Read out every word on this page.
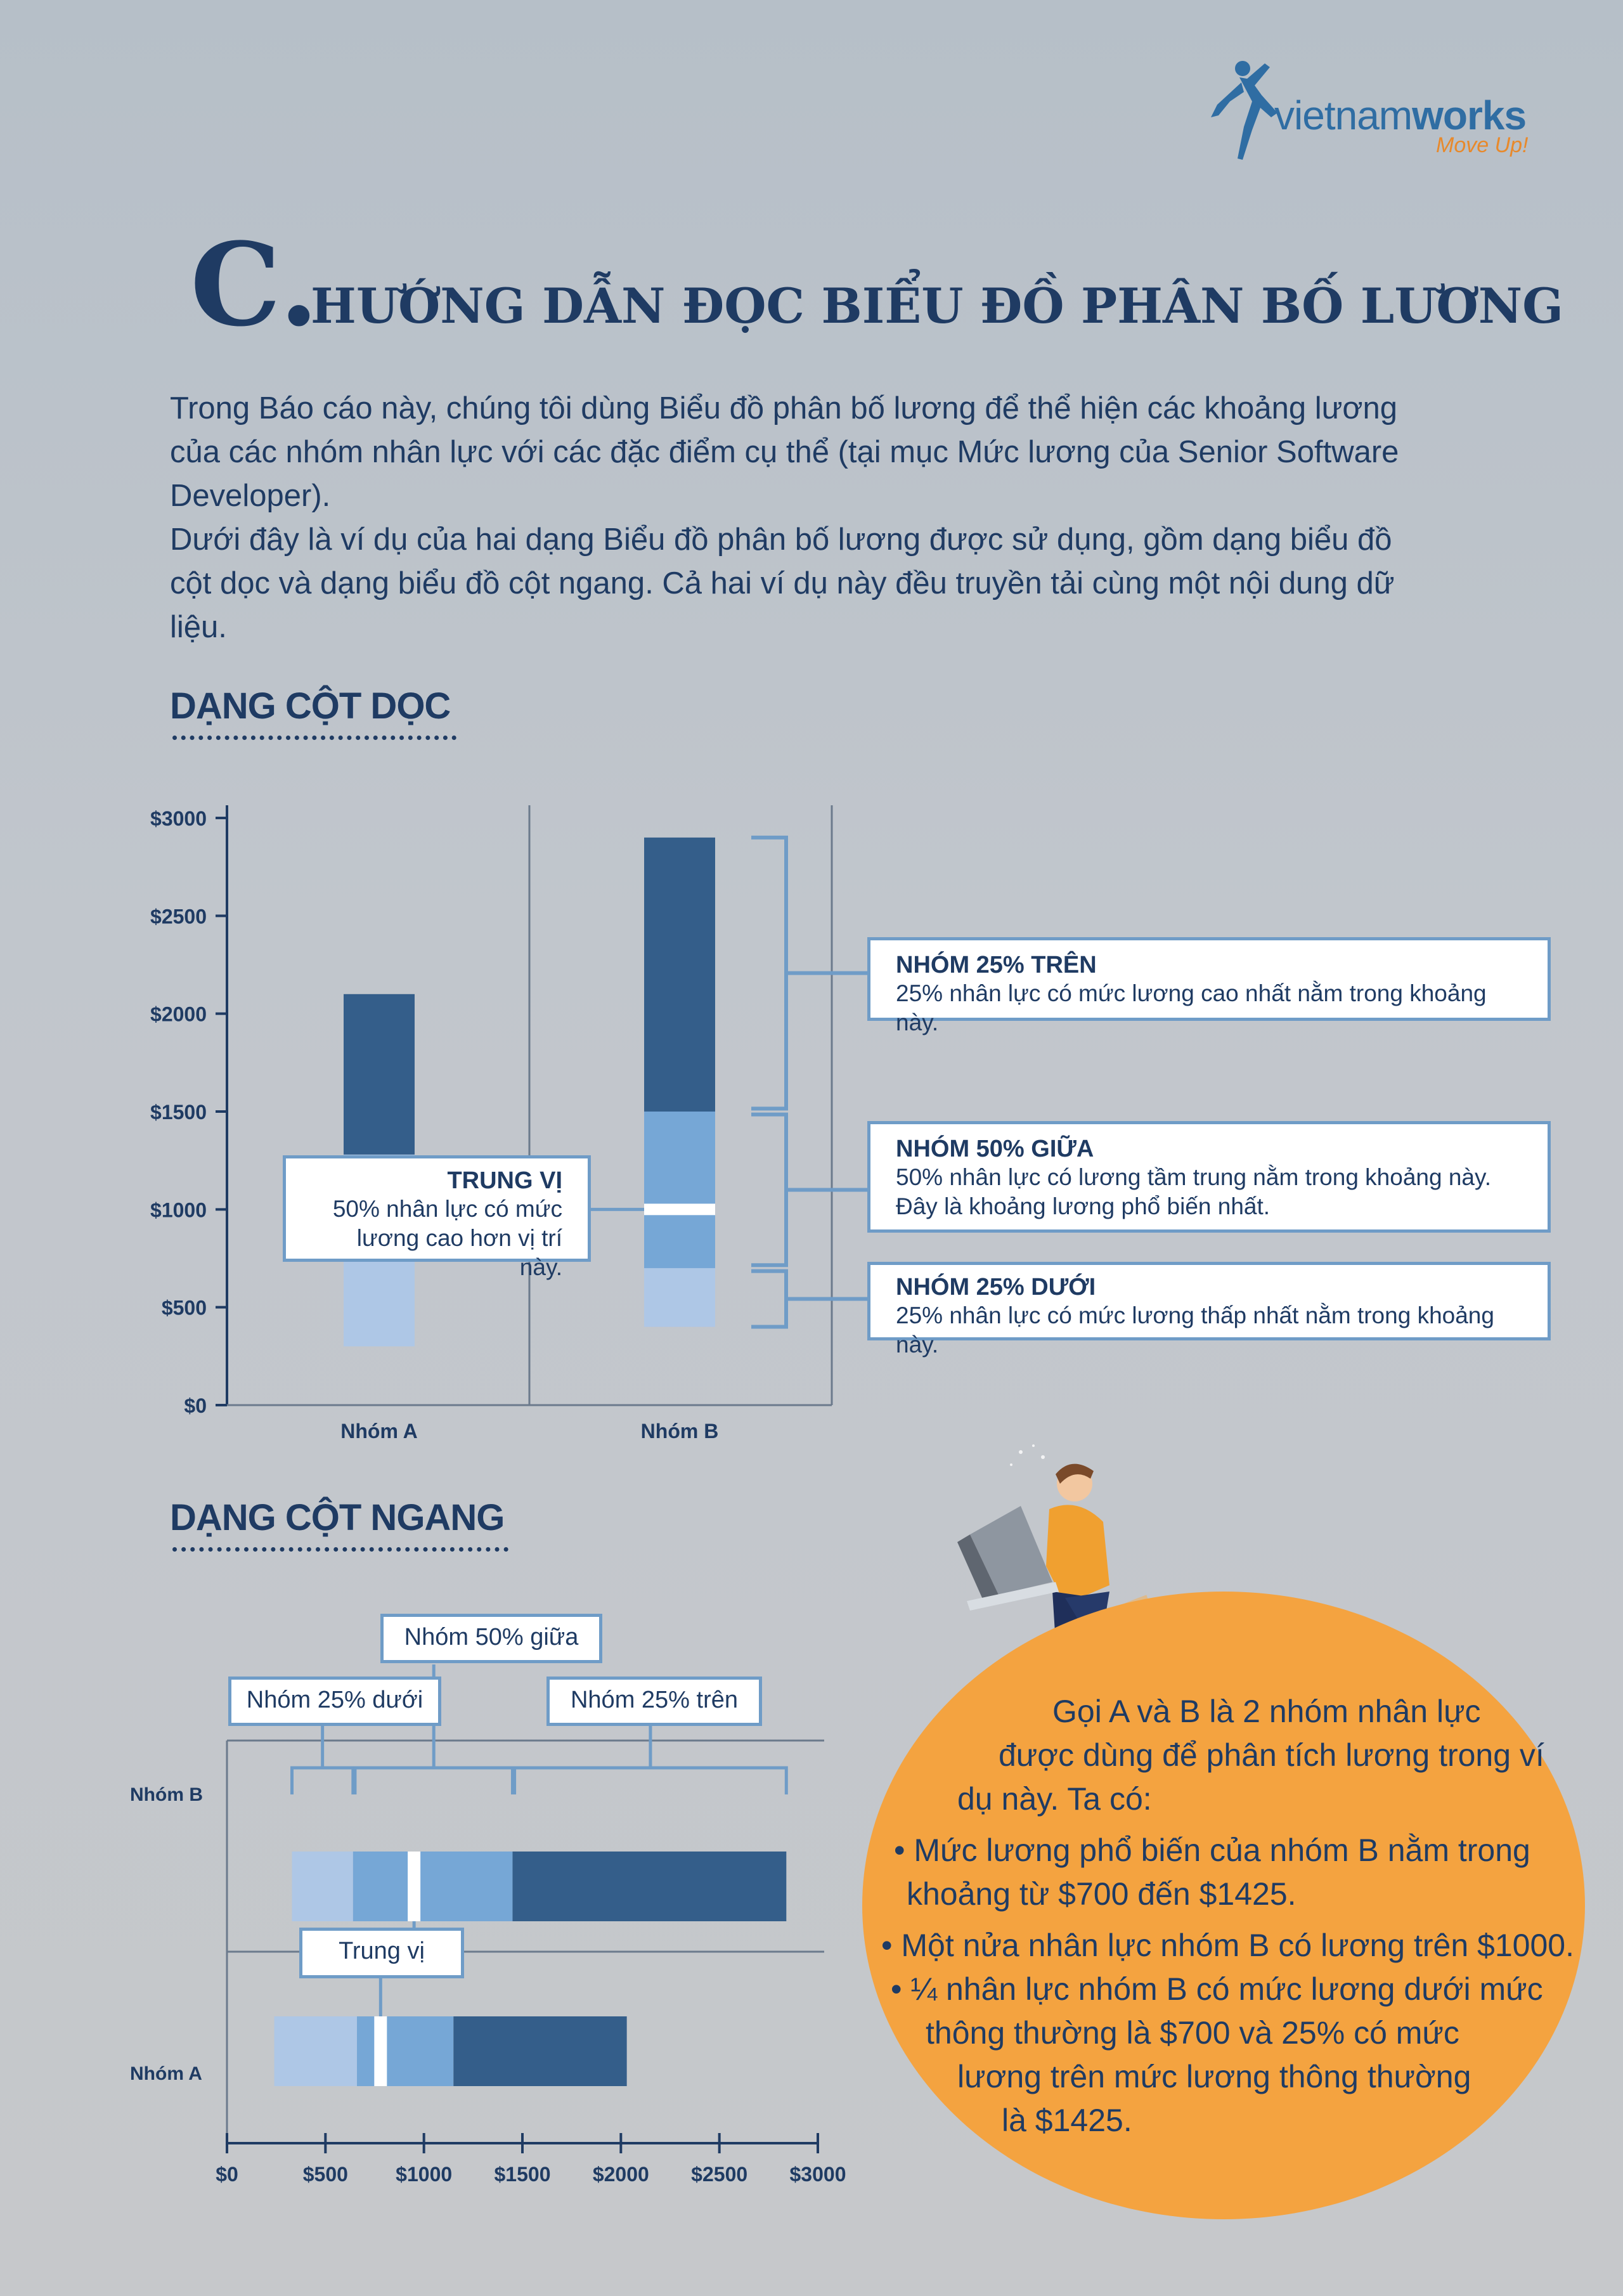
vietnamworks
Move Up!
C.
HƯỚNG DẪN ĐỌC BIỂU ĐỒ PHÂN BỐ LƯƠNG

Trong Báo cáo này, chúng tôi dùng Biểu đồ phân bố lương để thể hiện các khoảng lương của các nhóm nhân lực với các đặc điểm cụ thể (tại mục Mức lương của Senior Software Developer).

Dưới đây là ví dụ của hai dạng Biểu đồ phân bố lương được sử dụng, gồm dạng biểu đồ cột dọc và dạng biểu đồ cột ngang. Cả hai ví dụ này đều truyền tải cùng một nội dung dữ liệu.

DẠNG CỘT DỌC
$0
$500
$1000
$1500
$2000
$2500
$3000
Nhóm A	Nhóm B
NHÓM 25% TRÊN
25% nhân lực có mức lương cao nhất nằm trong khoảng này.
NHÓM 50% GIỮA
50% nhân lực có lương tầm trung nằm trong khoảng này.
Đây là khoảng lương phổ biến nhất.
NHÓM 25% DƯỚI
25% nhân lực có mức lương thấp nhất nằm trong khoảng này.
TRUNG VỊ
50% nhân lực có mức
lương cao hơn vị trí này.
DẠNG CỘT NGANG
$0	$500 $1000 $1500 $2000 $2500 $3000
Nhóm B
Nhóm A
Nhóm 50% giữa
Nhóm 25% dưới	Nhóm 25% trên
Trung vị
Gọi A và B là 2 nhóm nhân lực
được dùng để phân tích lương trong ví
dụ này. Ta có:
• Mức lương phổ biến của nhóm B nằm trong
khoảng từ $700 đến $1425.
• Một nửa nhân lực nhóm B có lương trên $1000.
• ¼ nhân lực nhóm B có mức lương dưới mức
thông thường là $700 và 25% có mức
lương trên mức lương thông thường
là $1425.
